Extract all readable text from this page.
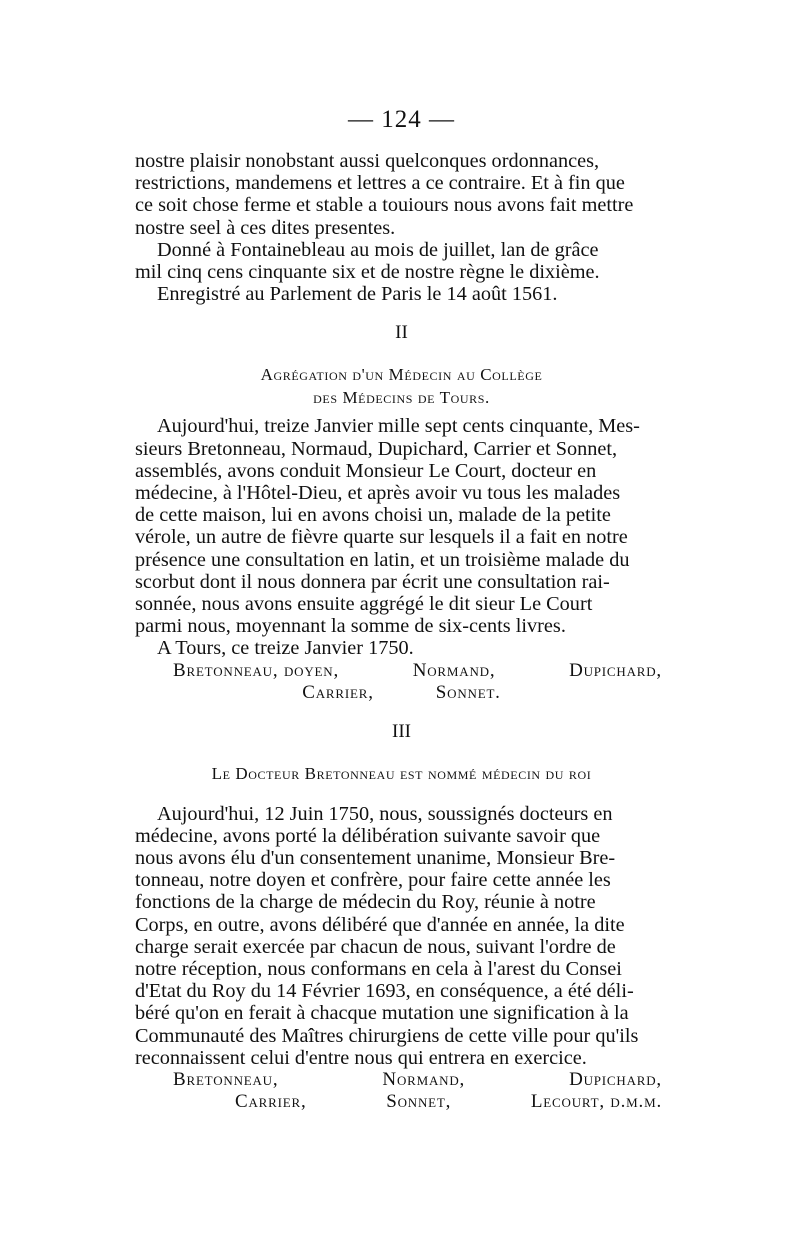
— 124 —
nostre plaisir nonobstant aussi quelconques ordonnances,
restrictions, mandemens et lettres a ce contraire. Et à fin que
ce soit chose ferme et stable a touiours nous avons fait mettre
nostre seel à ces dites presentes.
Donné à Fontainebleau au mois de juillet, lan de grâce
mil cinq cens cinquante six et de nostre règne le dixième.
Enregistré au Parlement de Paris le 14 août 1561.
II
Agrégation d'un Médecin au Collège
des Médecins de Tours.
Aujourd'hui, treize Janvier mille sept cents cinquante, Mes-
sieurs Bretonneau, Normaud, Dupichard, Carrier et Sonnet,
assemblés, avons conduit Monsieur Le Court, docteur en
médecine, à l'Hôtel-Dieu, et après avoir vu tous les malades
de cette maison, lui en avons choisi un, malade de la petite
vérole, un autre de fièvre quarte sur lesquels il a fait en notre
présence une consultation en latin, et un troisième malade du
scorbut dont il nous donnera par écrit une consultation rai-
sonnée, nous avons ensuite aggrégé le dit sieur Le Court
parmi nous, moyennant la somme de six-cents livres.
A Tours, ce treize Janvier 1750.
Bretonneau, doyen,	Normand,	Dupichard,
Carrier,	Sonnet.
III
Le Docteur Bretonneau est nommé médecin du roi
Aujourd'hui, 12 Juin 1750, nous, soussignés docteurs en
médecine, avons porté la délibération suivante savoir que
nous avons élu d'un consentement unanime, Monsieur Bre-
tonneau, notre doyen et confrère, pour faire cette année les
fonctions de la charge de médecin du Roy, réunie à notre
Corps, en outre, avons délibéré que d'année en année, la dite
charge serait exercée par chacun de nous, suivant l'ordre de
notre réception, nous conformans en cela à l'arest du Consei
d'Etat du Roy du 14 Février 1693, en conséquence, a été déli-
béré qu'on en ferait à chacque mutation une signification à la
Communauté des Maîtres chirurgiens de cette ville pour qu'ils
reconnaissent celui d'entre nous qui entrera en exercice.
Bretonneau,	Normand,	Dupichard,
Carrier,	Sonnet,	Lecourt, d.m.m.
